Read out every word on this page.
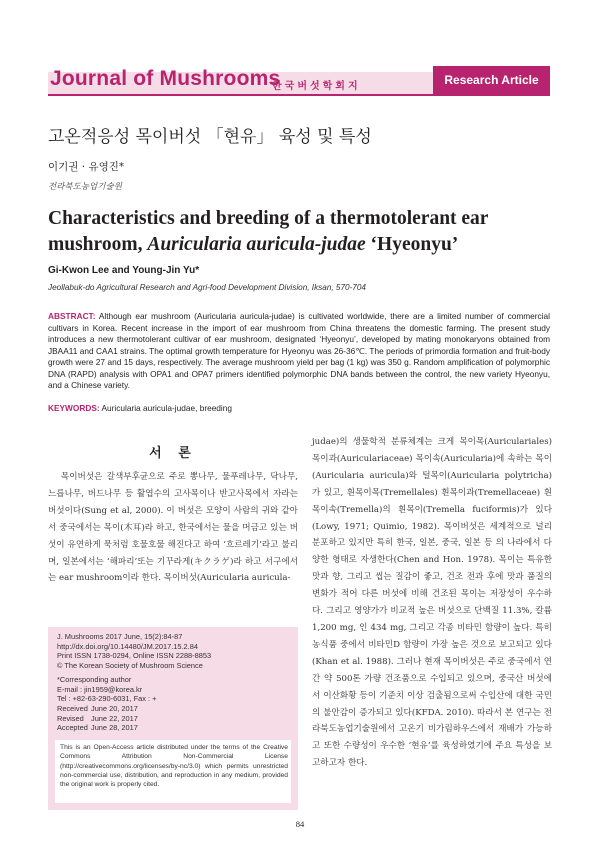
Journal of Mushrooms
한국버섯학회지	Research Article
고온적응성 목이버섯 「현유」 육성 및 특성
이기권 · 유영진*
전라북도농업기술원
Characteristics and breeding of a thermotolerant ear mushroom, Auricularia auricula-judae ‘Hyeonyu’
Gi-Kwon Lee and Young-Jin Yu*
Jeollabuk-do Agricultural Research and Agri-food Development Division, Iksan, 570-704
ABSTRACT: Although ear mushroom (Auricularia auricula-judae) is cultivated worldwide, there are a limited number of commercial cultivars in Korea. Recent increase in the import of ear mushroom from China threatens the domestic farming. The present study introduces a new thermotolerant cultivar of ear mushroom, designated ‘Hyeonyu’, developed by mating monokaryons obtained from JBAA11 and CAA1 strains. The optimal growth temperature for Hyeonyu was 26-36℃. The periods of primordia formation and fruit-body growth were 27 and 15 days, respectively. The average mushroom yield per bag (1 kg) was 350 g. Random amplification of polymorphic DNA (RAPD) analysis with OPA1 and OPA7 primers identified polymorphic DNA bands between the control, the new variety Hyeonyu, and a Chinese variety.
KEYWORDS: Auricularia auricula-judae, breeding
서 론

목이버섯은 갈색부후균으로 주로 뽕나무, 물푸레나무, 닥나무, 느릅나무, 버드나무 등 활엽수의 고사목이나 반고사목에서 자라는 버섯이다(Sung et al, 2000). 이 버섯은 모양이 사람의 귀와 같아서 중국에서는 목이(木耳)라 하고, 한국에서는 물을 머금고 있는 버섯이 유연하게 묵처럼 호물호물 해진다고 하여 ‘흐르레기’라고 불리며, 일본에서는 ‘해파리’또는 기꾸라게(キクラゲ)라 하고 서구에서는 ear mushroom이라 한다. 목이버섯(Auricularia auricula-

judae)의 생물학적 분류체계는 크게 목이목(Auriculariales) 목이과(Auriculariaceae) 목이속(Auricularia)에 속하는 목이(Auricularia auricula)와 털목이(Auricularia polytricha)가 있고, 흰목이목(Tremellales) 흰목이과(Tremellaceae) 흰목이속(Tremella)의 흰목이(Tremella fuciformis)가 있다(Lowy, 1971; Quimio, 1982). 목이버섯은 세계적으로 널리 분포하고 있지만 특히 한국, 일본, 중국, 일본 등 의 나라에서 다양한 형태로 자생한다(Chen and Hon. 1978). 목이는 특유한 맛과 향, 그리고 씹는 질감이 좋고, 건조 전과 후에 맛과 품질의 변화가 적어 다른 버섯에 비해 건조된 목이는 저장성이 우수하다. 그리고 영양가가 비교적 높은 버섯으로 단백질 11.3%, 칼륨 1,200 mg, 인 434 mg, 그리고 각종 비타민 함량이 높다. 특히 농식품 중에서 비타민D 함량이 가장 높은 것으로 보고되고 있다(Khan et al. 1988). 그러나 현재 목이버섯은 주로 중국에서 연간 약 500톤 가량 건조품으로 수입되고 있으며, 중국산 버섯에서 이산화황 등이 기준치 이상 검출됨으로써 수입산에 대한 국민의 불안감이 증가되고 있다(KFDA. 2010). 따라서 본 연구는 전라북도농업기술원에서 고온기 비가림하우스에서 재배가 가능하고 또한 수량성이 우수한 ‘현유’를 육성하였기에 주요 특성을 보고하고자 한다.

J. Mushrooms 2017 June, 15(2):84-87
http://dx.doi.org/10.14480/JM.2017.15.2.84
Print ISSN 1738-0294, Online ISSN 2288-8853
© The Korean Society of Mushroom Science
*Corresponding author
E-mail : jin1959@korea.kr
Tel : +82-63-290-6031, Fax : +
Received June 20, 2017
Revised June 22, 2017
Accepted June 28, 2017
This is an Open-Access article distributed under the terms of the Creative Commons Attribution Non-Commercial License (http://creativecommons.org/licenses/by-nc/3.0) which permits unrestricted non-commercial use, distribution, and reproduction in any medium, provided the original work is properly cited.
84
